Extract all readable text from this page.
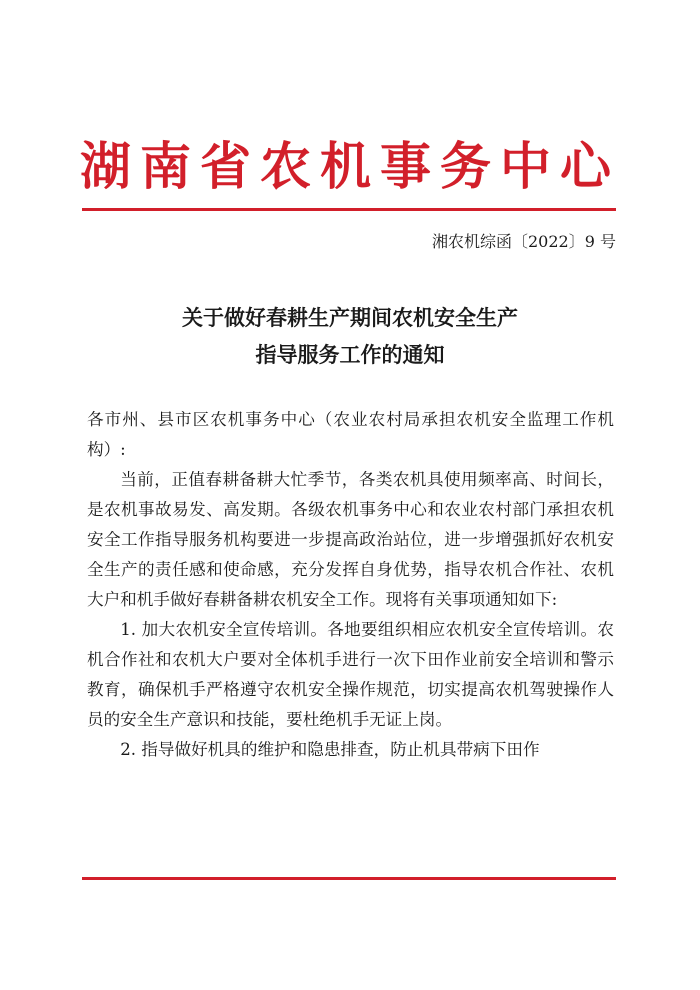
湖南省农机事务中心
湘农机综函〔2022〕9 号
关于做好春耕生产期间农机安全生产
指导服务工作的通知

各市州、县市区农机事务中心（农业农村局承担农机安全监理工作机构）:

当前，正值春耕备耕大忙季节，各类农机具使用频率高、时间长，是农机事故易发、高发期。各级农机事务中心和农业农村部门承担农机安全工作指导服务机构要进一步提高政治站位，进一步增强抓好农机安全生产的责任感和使命感，充分发挥自身优势，指导农机合作社、农机大户和机手做好春耕备耕农机安全工作。现将有关事项通知如下:

1. 加大农机安全宣传培训。各地要组织相应农机安全宣传培训。农机合作社和农机大户要对全体机手进行一次下田作业前安全培训和警示教育，确保机手严格遵守农机安全操作规范，切实提高农机驾驶操作人员的安全生产意识和技能，要杜绝机手无证上岗。

2. 指导做好机具的维护和隐患排查，防止机具带病下田作
